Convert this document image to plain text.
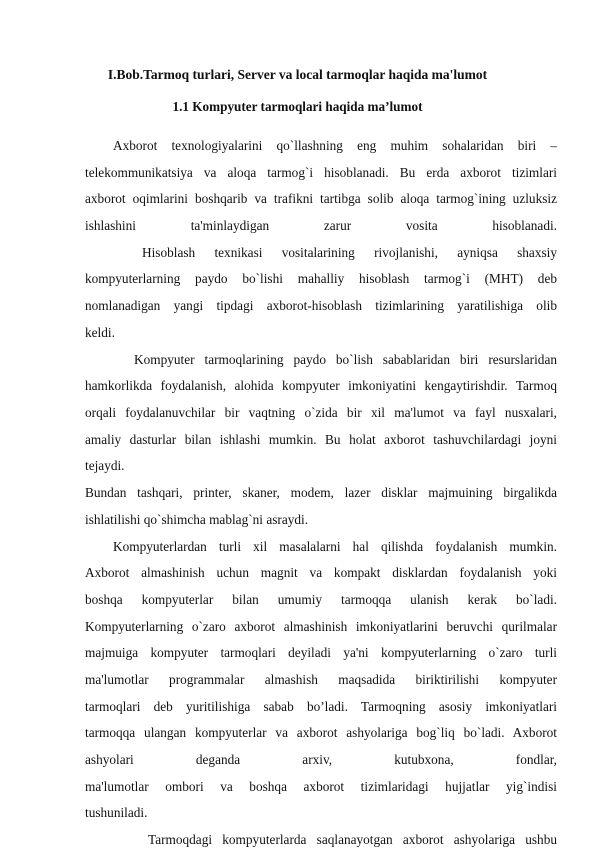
I.Bob.Tarmoq turlari, Server va local tarmoqlar haqida ma'lumot
1.1 Kompyuter tarmoqlari haqida ma’lumot
Axborot texnologiyalarini qo`llashning eng muhim sohalaridan biri –
telekommunikatsiya va aloqa tarmog`i hisoblanadi. Bu erda axborot tizimlari
axborot oqimlarini boshqarib va trafikni tartibga solib aloqa tarmog`ining uzluksiz
ishlashini ta'minlaydigan zarur vosita hisoblanadi.
Hisoblash texnikasi vositalarining rivojlanishi, ayniqsa shaxsiy
kompyuterlarning paydo bo`lishi mahalliy hisoblash tarmog`i (MHT) deb
nomlanadigan yangi tipdagi axborot-hisoblash tizimlarining yaratilishiga olib
keldi.
Kompyuter tarmoqlarining paydo bo`lish sabablaridan biri resurslaridan
hamkorlikda foydalanish, alohida kompyuter imkoniyatini kengaytirishdir. Tarmoq
orqali foydalanuvchilar bir vaqtning o`zida bir xil ma'lumot va fayl nusxalari,
amaliy dasturlar bilan ishlashi mumkin. Bu holat axborot tashuvchilardagi joyni
tejaydi.
Bundan tashqari, printer, skaner, modem, lazer disklar majmuining birgalikda
ishlatilishi qo`shimcha mablag`ni asraydi.
Kompyuterlardan turli xil masalalarni hal qilishda foydalanish mumkin.
Axborot almashinish uchun magnit va kompakt disklardan foydalanish yoki
boshqa kompyuterlar bilan umumiy tarmoqqa ulanish kerak bo`ladi.
Kompyuterlarning o`zaro axborot almashinish imkoniyatlarini beruvchi qurilmalar
majmuiga kompyuter tarmoqlari deyiladi ya'ni kompyuterlarning o`zaro turli
ma'lumotlar programmalar almashish maqsadida biriktirilishi kompyuter
tarmoqlari deb yuritilishiga sabab bo’ladi. Tarmoqning asosiy imkoniyatlari
tarmoqqa ulangan kompyuterlar va axborot ashyolariga bog`liq bo`ladi. Axborot
ashyolari deganda arxiv, kutubxona, fondlar,
ma'lumotlar ombori va boshqa axborot tizimlaridagi hujjatlar yig`indisi
tushuniladi.
Tarmoqdagi kompyuterlarda saqlanayotgan axborot ashyolariga ushbu
